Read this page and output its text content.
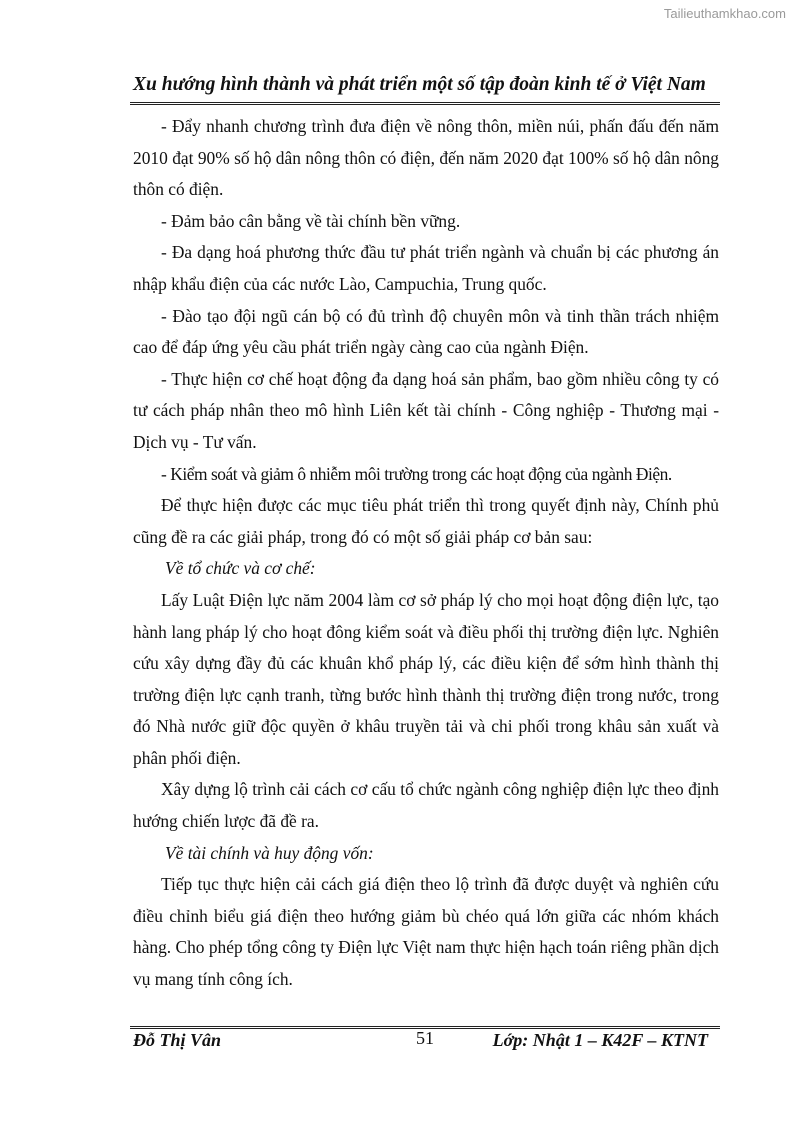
Tailieuthamkhao.com
Xu hướng hình thành và phát triển một số tập đoàn kinh tế ở Việt Nam

- Đẩy nhanh chương trình đưa điện về nông thôn, miền núi, phấn đấu đến năm 2010 đạt 90% số hộ dân nông thôn có điện, đến năm 2020 đạt 100% số hộ dân nông thôn có điện.

- Đảm bảo cân bằng về tài chính bền vững.

- Đa dạng hoá phương thức đầu tư phát triển ngành và chuẩn bị các phương án nhập khẩu điện của các nước Lào, Campuchia, Trung quốc.

- Đào tạo đội ngũ cán bộ có đủ trình độ chuyên môn và tinh thần trách nhiệm cao để đáp ứng yêu cầu phát triển ngày càng cao của ngành Điện.

- Thực hiện cơ chế hoạt động đa dạng hoá sản phẩm, bao gồm nhiều công ty có tư cách pháp nhân theo mô hình Liên kết tài chính - Công nghiệp - Thương mại - Dịch vụ - Tư vấn.

- Kiểm soát và giảm ô nhiễm môi trường trong các hoạt động của ngành Điện.

Để thực hiện được các mục tiêu phát triển thì trong quyết định này, Chính phủ cũng đề ra các giải pháp, trong đó có một số giải pháp cơ bản sau:

Về tổ chức và cơ chế:

Lấy Luật Điện lực năm 2004 làm cơ sở pháp lý cho mọi hoạt động điện lực, tạo hành lang pháp lý cho hoạt đông kiểm soát và điều phối thị trường điện lực. Nghiên cứu xây dựng đầy đủ các khuân khổ pháp lý, các điều kiện để sớm hình thành thị trường điện lực cạnh tranh, từng bước hình thành thị trường điện trong nước, trong đó Nhà nước giữ độc quyền ở khâu truyền tải và chi phối trong khâu sản xuất và phân phối điện.

Xây dựng lộ trình cải cách cơ cấu tổ chức ngành công nghiệp điện lực theo định hướng chiến lược đã đề ra.

Về tài chính và huy động vốn:

Tiếp tục thực hiện cải cách giá điện theo lộ trình đã được duyệt và nghiên cứu điều chỉnh biểu giá điện theo hướng giảm bù chéo quá lớn giữa các nhóm khách hàng. Cho phép tổng công ty Điện lực Việt nam thực hiện hạch toán riêng phần dịch vụ mang tính công ích.

Đỗ Thị Vân	51	Lớp: Nhật 1 – K42F – KTNT
